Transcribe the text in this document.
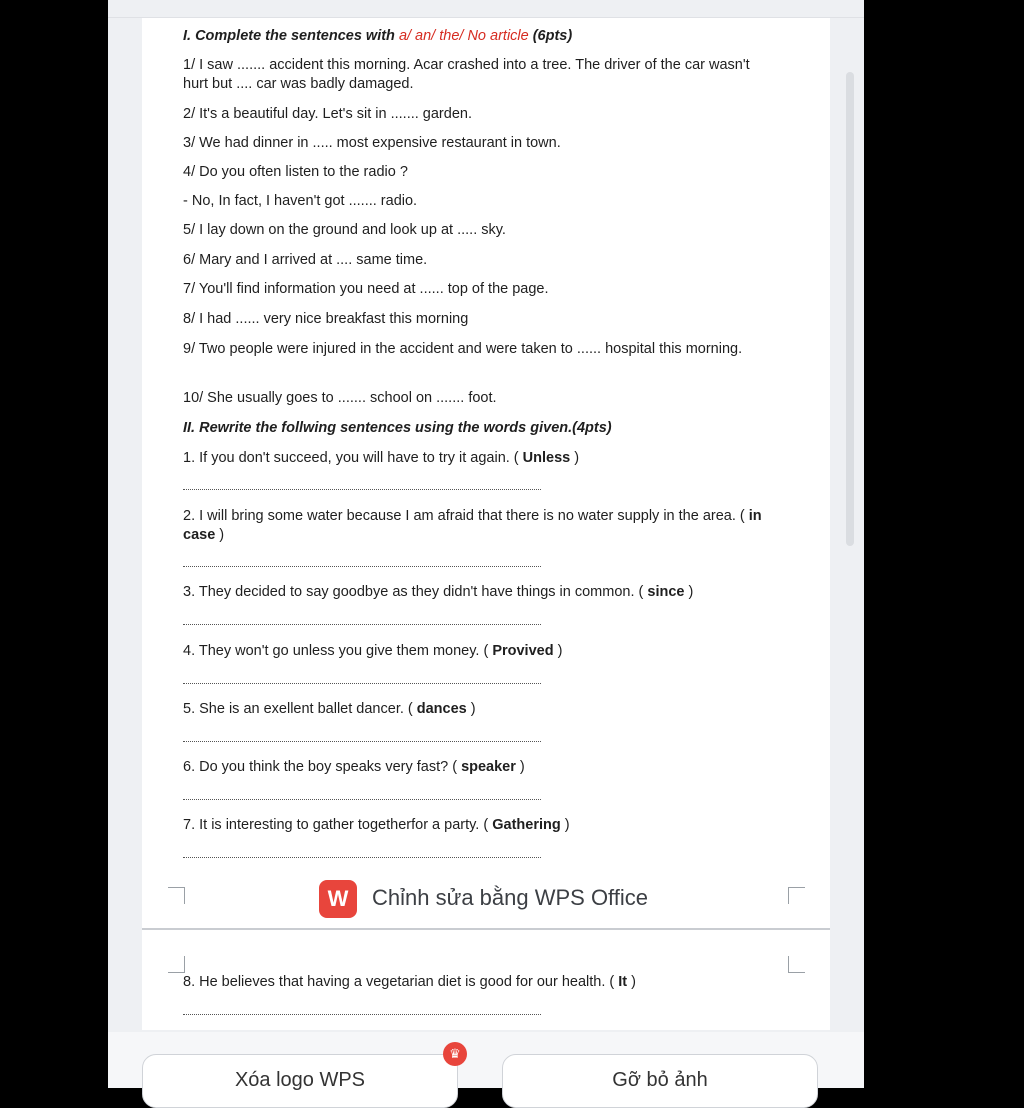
I. Complete the sentences with a/ an/ the/ No article (6pts)
1/ I saw ....... accident this morning. Acar crashed into a tree. The driver of the car wasn't hurt but .... car was badly damaged.
2/ It's a beautiful day. Let's sit in ....... garden.
3/ We had dinner in ..... most expensive restaurant in town.
4/ Do you often listen to the radio ?
- No, In fact, I haven't got ....... radio.
5/ I lay down on the ground and look up at ..... sky.
6/ Mary and I arrived at .... same time.
7/ You'll find information you need at ...... top of the page.
8/ I had ...... very nice breakfast this morning
9/ Two people were injured in the accident and were taken to ...... hospital this morning.
10/ She usually goes to ....... school on ....... foot.
II. Rewrite the follwing sentences using the words given.(4pts)
1. If you don't succeed, you will have to try it again. ( Unless )
2. I will bring some water because I am afraid that there is no water supply in the area. ( in case )
3. They decided to say goodbye as they didn't have things in common. ( since )
4. They won't go unless you give them money. ( Provived )
5. She is an exellent ballet dancer. ( dances )
6. Do you think the boy speaks very fast? ( speaker )
7. It is interesting to gather togetherfor a party. ( Gathering )
W	Chỉnh sửa bằng WPS Office
8. He believes that having a vegetarian diet is good for our health. ( It )
Xóa logo WPS	Gỡ bỏ ảnh
♛
